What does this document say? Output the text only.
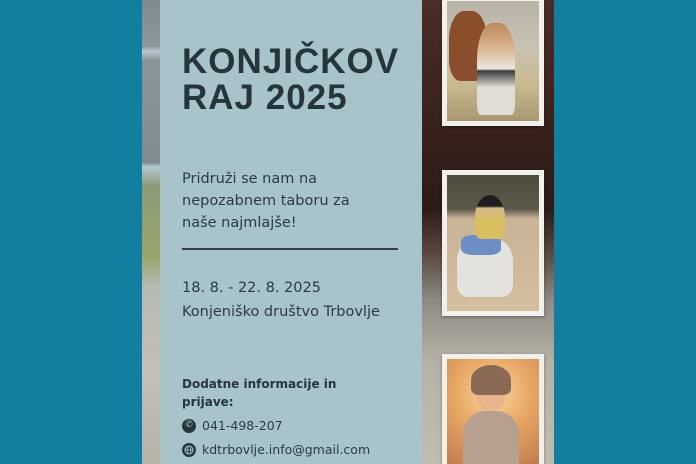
KONJIČKOV
RAJ 2025
Pridruži se nam na
nepozabnem taboru za
naše najmlajše!
18. 8. - 22. 8. 2025
Konjeniško društvo Trbovlje
Dodatne informacije in
prijave:
✆ 041-498-207
kdtrbovlje.info@gmail.com
